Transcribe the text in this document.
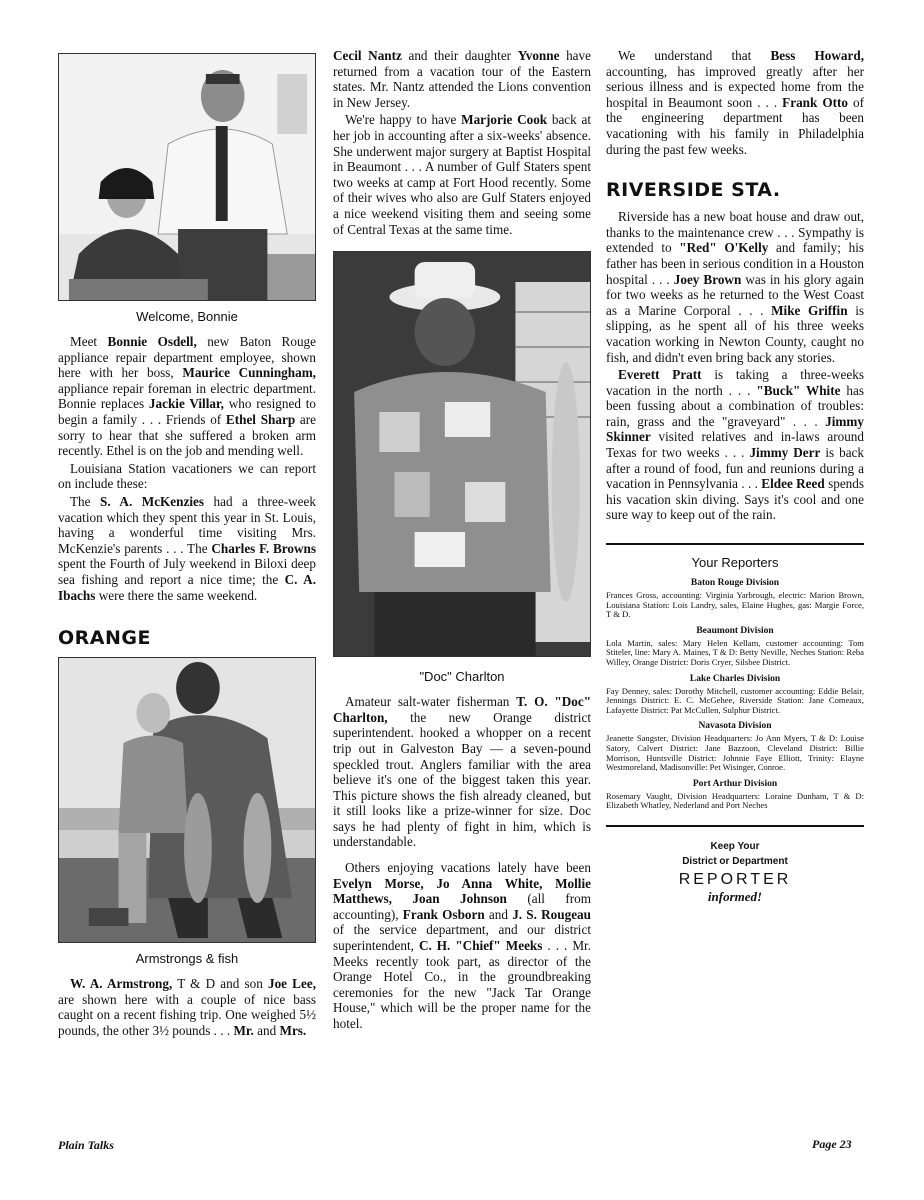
Welcome, Bonnie

Meet Bonnie Osdell, new Baton Rouge appliance repair department employee, shown here with her boss, Maurice Cunningham, appliance repair foreman in electric department. Bonnie replaces Jackie Villar, who resigned to begin a family . . . Friends of Ethel Sharp are sorry to hear that she suffered a broken arm recently. Ethel is on the job and mending well.

Louisiana Station vacationers we can report on include these:

The S. A. McKenzies had a three-week vacation which they spent this year in St. Louis, having a wonderful time visiting Mrs. McKenzie's parents . . . The Charles F. Browns spent the Fourth of July weekend in Biloxi deep sea fishing and report a nice time; the C. A. Ibachs were there the same weekend.

ORANGE
Armstrongs & fish

W. A. Armstrong, T & D and son Joe Lee, are shown here with a couple of nice bass caught on a recent fishing trip. One weighed 5½ pounds, the other 3½ pounds . . . Mr. and Mrs.

Cecil Nantz and their daughter Yvonne have returned from a vacation tour of the Eastern states. Mr. Nantz attended the Lions convention in New Jersey.

We're happy to have Marjorie Cook back at her job in accounting after a six-weeks' absence. She underwent major surgery at Baptist Hospital in Beaumont . . . A number of Gulf Staters spent two weeks at camp at Fort Hood recently. Some of their wives who also are Gulf Staters enjoyed a nice weekend visiting them and seeing some of Central Texas at the same time.

"Doc" Charlton

Amateur salt-water fisherman T. O. "Doc" Charlton, the new Orange district superintendent. hooked a whopper on a recent trip out in Galveston Bay — a seven-pound speckled trout. Anglers familiar with the area believe it's one of the biggest taken this year. This picture shows the fish already cleaned, but it still looks like a prize-winner for size. Doc says he had plenty of fight in him, which is understandable.

Others enjoying vacations lately have been Evelyn Morse, Jo Anna White, Mollie Matthews, Joan Johnson (all from accounting), Frank Osborn and J. S. Rougeau of the service department, and our district superintendent, C. H. "Chief" Meeks . . . Mr. Meeks recently took part, as director of the Orange Hotel Co., in the groundbreaking ceremonies for the new "Jack Tar Orange House," which will be the proper name for the hotel.

We understand that Bess Howard, accounting, has improved greatly after her serious illness and is expected home from the hospital in Beaumont soon . . . Frank Otto of the engineering department has been vacationing with his family in Philadelphia during the past few weeks.

RIVERSIDE STA.

Riverside has a new boat house and draw out, thanks to the maintenance crew . . . Sympathy is extended to "Red" O'Kelly and family; his father has been in serious condition in a Houston hospital . . . Joey Brown was in his glory again for two weeks as he returned to the West Coast as a Marine Corporal . . . Mike Griffin is slipping, as he spent all of his three weeks vacation working in Newton County, caught no fish, and didn't even bring back any stories.

Everett Pratt is taking a three-weeks vacation in the north . . . "Buck" White has been fussing about a combination of troubles: rain, grass and the "graveyard" . . . Jimmy Skinner visited relatives and in-laws around Texas for two weeks . . . Jimmy Derr is back after a round of food, fun and reunions during a vacation in Pennsylvania . . . Eldee Reed spends his vacation skin diving. Says it's cool and one sure way to keep out of the rain.

Your Reporters
Baton Rouge Division

Frances Gross, accounting: Virginia Yarbrough, electric: Marion Brown, Louisiana Station: Lois Landry, sales, Elaine Hughes, gas: Margie Force, T & D.

Beaumont Division

Lola Martin, sales: Mary Helen Kellam, customer accounting: Tom Stiteler, line: Mary A. Maines, T & D: Betty Neville, Neches Station: Reba Willey, Orange District: Doris Cryer, Silsbee District.

Lake Charles Division

Fay Denney, sales: Dorothy Mitchell, customer accounting: Eddie Belair, Jennings District: E. C. McGehee, Riverside Station: Jane Comeaux, Lafayette District: Pat McCullen, Sulphur District.

Navasota Division

Jeanette Sangster, Division Headquarters: Jo Ann Myers, T & D: Louise Satory, Calvert District: Jane Bazzoon, Cleveland District: Billie Morrison, Huntsville District: Johnnie Faye Elliott, Trinity: Elayne Westmoreland, Madisonville: Pet Wisinger, Conroe.

Port Arthur Division

Rosemary Vaught, Division Headquarters: Loraine Dunham, T & D: Elizabeth Whatley, Nederland and Port Neches

Keep Your
District or Department
REPORTER
informed!
Plain Talks	Page 23
